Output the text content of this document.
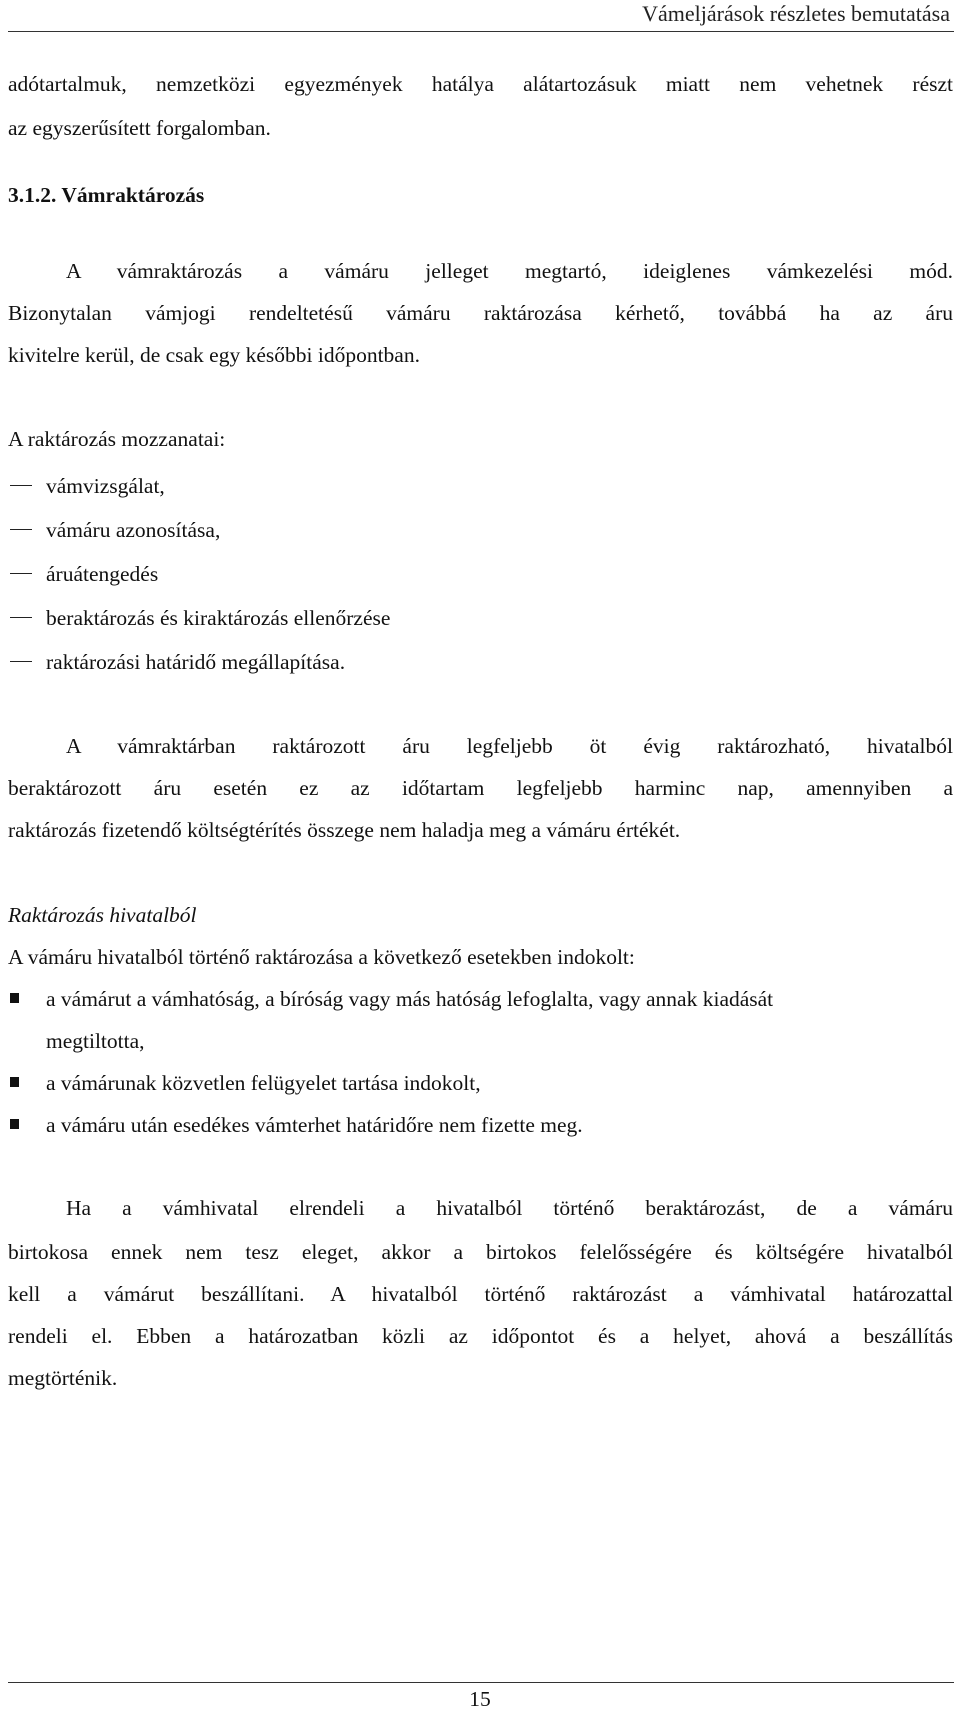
Vámeljárások részletes bemutatása
adótartalmuk, nemzetközi egyezmények hatálya alátartozásuk miatt nem vehetnek részt
az egyszerűsített forgalomban.
3.1.2. Vámraktározás
A vámraktározás a vámáru jelleget megtartó, ideiglenes vámkezelési mód.
Bizonytalan vámjogi rendeltetésű vámáru raktározása kérhető, továbbá ha az áru
kivitelre kerül, de csak egy későbbi időpontban.
A raktározás mozzanatai:
vámvizsgálat,
vámáru azonosítása,
áruátengedés
beraktározás és kiraktározás ellenőrzése
raktározási határidő megállapítása.
A vámraktárban raktározott áru legfeljebb öt évig raktározható, hivatalból
beraktározott áru esetén ez az időtartam legfeljebb harminc nap, amennyiben a
raktározás fizetendő költségtérítés összege nem haladja meg a vámáru értékét.
Raktározás hivatalból
A vámáru hivatalból történő raktározása a következő esetekben indokolt:
a vámárut a vámhatóság, a bíróság vagy más hatóság lefoglalta, vagy annak kiadását
megtiltotta,
a vámárunak közvetlen felügyelet tartása indokolt,
a vámáru után esedékes vámterhet határidőre nem fizette meg.
Ha a vámhivatal elrendeli a hivatalból történő beraktározást, de a vámáru
birtokosa ennek nem tesz eleget, akkor a birtokos felelősségére és költségére hivatalból
kell a vámárut beszállítani. A hivatalból történő raktározást a vámhivatal határozattal
rendeli el. Ebben a határozatban közli az időpontot és a helyet, ahová a beszállítás
megtörténik.
15
